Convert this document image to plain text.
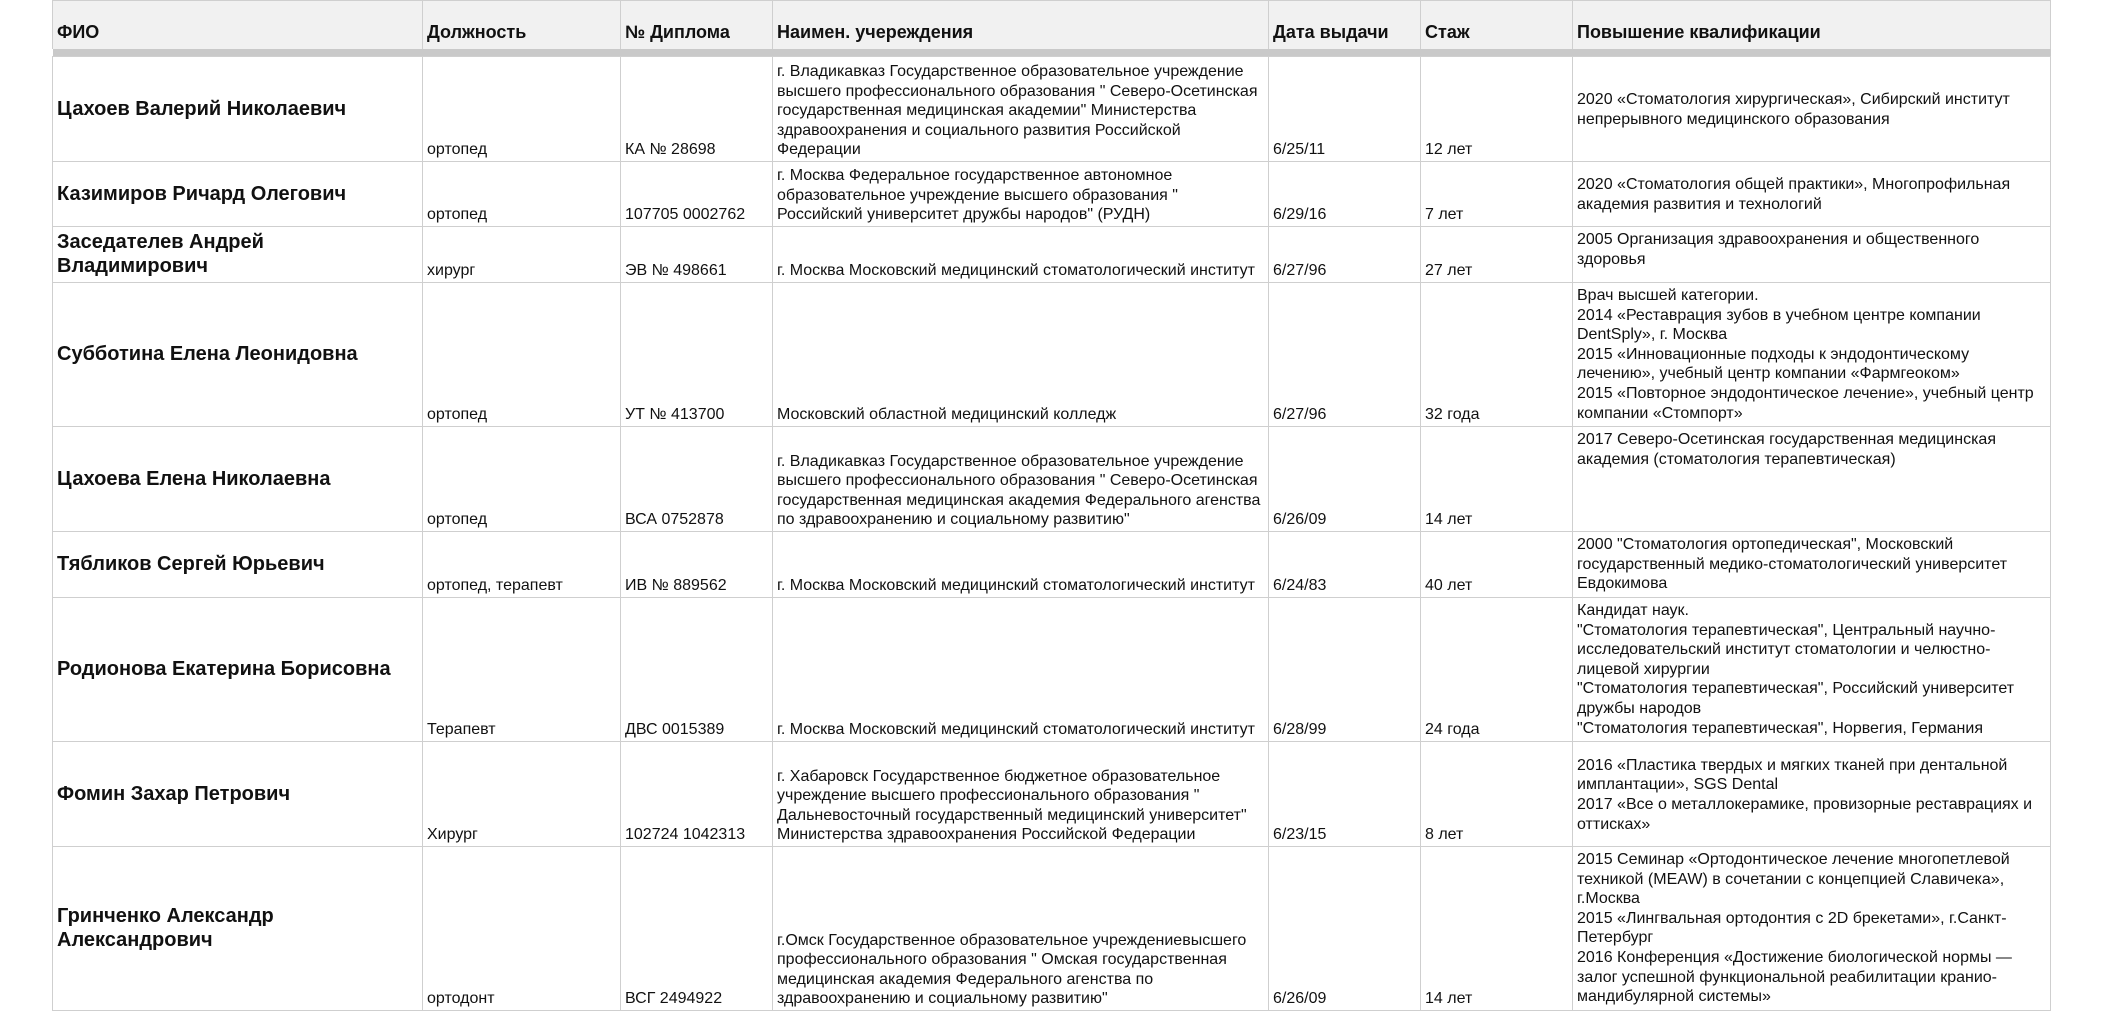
ФИО	Должность	№ Диплома	Наимен. учереждения	Дата выдачи	Стаж	Повышение квалификации

Цахоев Валерий Николаевич	ортопед	КА № 28698	г. Владикавказ Государственное образовательное учреждение высшего профессионального образования " Северо-Осетинская государственная медицинская академии" Министерства здравоохранения и социального развития Российской Федерации	6/25/11	12 лет	2020 «Стоматология хирургическая», Сибирский институт непрерывного медицинского образования
Казимиров Ричард Олегович	ортопед	107705 0002762	г. Москва Федеральное государственное автономное образовательное учреждение высшего образования " Российский университет дружбы народов" (РУДН)	6/29/16	7 лет	2020 «Стоматология общей практики», Многопрофильная академия развития и технологий
Заседателев Андрей Владимирович	хирург	ЭВ № 498661	г. Москва Московский медицинский стоматологический институт	6/27/96	27 лет	2005 Организация здравоохранения и общественного здоровья
Субботина Елена Леонидовна	ортопед	УТ № 413700	Московский областной медицинский колледж	6/27/96	32 года	Врач высшей категории.
2014 «Реставрация зубов в учебном центре компании DentSply», г. Москва
2015 «Инновационные подходы к эндодонтическому лечению», учебный центр компании «Фармгеоком»
2015 «Повторное эндодонтическое лечение», учебный центр компании «Стомпорт»
Цахоева Елена Николаевна	ортопед	ВСА 0752878	г. Владикавказ Государственное образовательное учреждение высшего профессионального образования " Северо-Осетинская государственная медицинская академия Федерального агенства по здравоохранению и социальному развитию"	6/26/09	14 лет	2017 Северо-Осетинская государственная медицинская академия (стоматология терапевтическая)
Тябликов Сергей Юрьевич	ортопед, терапевт	ИВ № 889562	г. Москва Московский медицинский стоматологический институт	6/24/83	40 лет	2000 "Стоматология ортопедическая", Московский государственный медико-стоматологический университет Евдокимова
Родионова Екатерина Борисовна	Терапевт	ДВС 0015389	г. Москва Московский медицинский стоматологический институт	6/28/99	24 года	Кандидат наук.
"Стоматология терапевтическая", Центральный научно-исследовательский институт стоматологии и челюстно-лицевой хирургии
"Стоматология терапевтическая", Российский университет дружбы народов
"Стоматология терапевтическая", Норвегия, Германия
Фомин Захар Петрович	Хирург	102724 1042313	г. Хабаровск Государственное бюджетное образовательное учреждение высшего профессионального образования " Дальневосточный государственный медицинский университет" Министерства здравоохранения Российской Федерации	6/23/15	8 лет	2016 «Пластика твердых и мягких тканей при дентальной имплантации», SGS Dental
2017 «Все о металлокерамике, провизорные реставрациях и оттисках»
Гринченко Александр Александрович	ортодонт	ВСГ 2494922	г.Омск Государственное образовательное учреждениевысшего профессионального образования " Омская государственная медицинская академия Федерального агенства по здравоохранению и социальному развитию"	6/26/09	14 лет	2015 Семинар «Ортодонтическое лечение многопетлевой техникой (MEAW) в сочетании с концепцией Славичека», г.Москва
2015 «Лингвальная ортодонтия с 2D брекетами», г.Санкт-Петербург
2016 Конференция «Достижение биологической нормы — залог успешной функциональной реабилитации кранио-мандибулярной системы»
